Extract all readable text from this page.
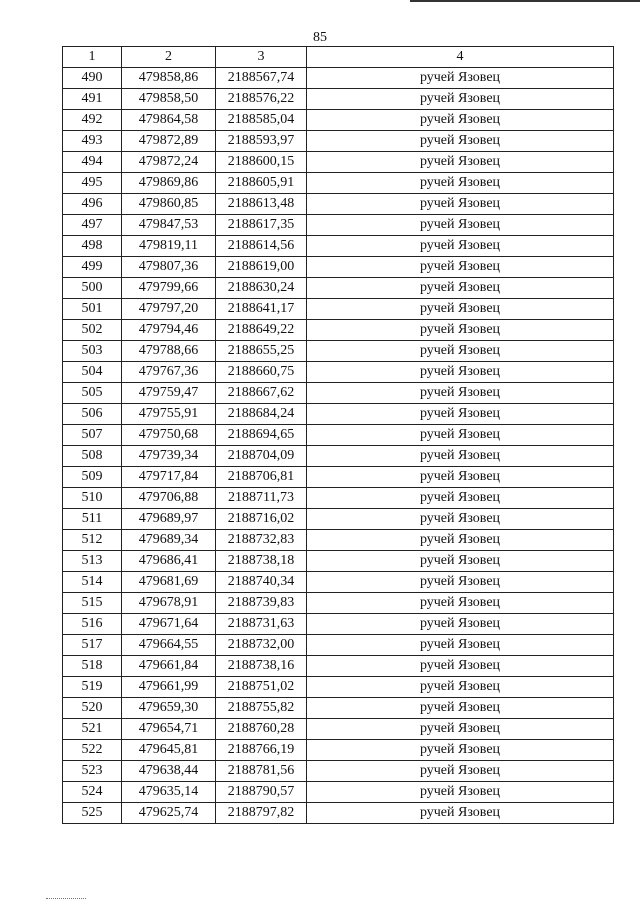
85
1	2	3	4
490	479858,86	2188567,74	ручей Язовец
491	479858,50	2188576,22	ручей Язовец
492	479864,58	2188585,04	ручей Язовец
493	479872,89	2188593,97	ручей Язовец
494	479872,24	2188600,15	ручей Язовец
495	479869,86	2188605,91	ручей Язовец
496	479860,85	2188613,48	ручей Язовец
497	479847,53	2188617,35	ручей Язовец
498	479819,11	2188614,56	ручей Язовец
499	479807,36	2188619,00	ручей Язовец
500	479799,66	2188630,24	ручей Язовец
501	479797,20	2188641,17	ручей Язовец
502	479794,46	2188649,22	ручей Язовец
503	479788,66	2188655,25	ручей Язовец
504	479767,36	2188660,75	ручей Язовец
505	479759,47	2188667,62	ручей Язовец
506	479755,91	2188684,24	ручей Язовец
507	479750,68	2188694,65	ручей Язовец
508	479739,34	2188704,09	ручей Язовец
509	479717,84	2188706,81	ручей Язовец
510	479706,88	2188711,73	ручей Язовец
511	479689,97	2188716,02	ручей Язовец
512	479689,34	2188732,83	ручей Язовец
513	479686,41	2188738,18	ручей Язовец
514	479681,69	2188740,34	ручей Язовец
515	479678,91	2188739,83	ручей Язовец
516	479671,64	2188731,63	ручей Язовец
517	479664,55	2188732,00	ручей Язовец
518	479661,84	2188738,16	ручей Язовец
519	479661,99	2188751,02	ручей Язовец
520	479659,30	2188755,82	ручей Язовец
521	479654,71	2188760,28	ручей Язовец
522	479645,81	2188766,19	ручей Язовец
523	479638,44	2188781,56	ручей Язовец
524	479635,14	2188790,57	ручей Язовец
525	479625,74	2188797,82	ручей Язовец
